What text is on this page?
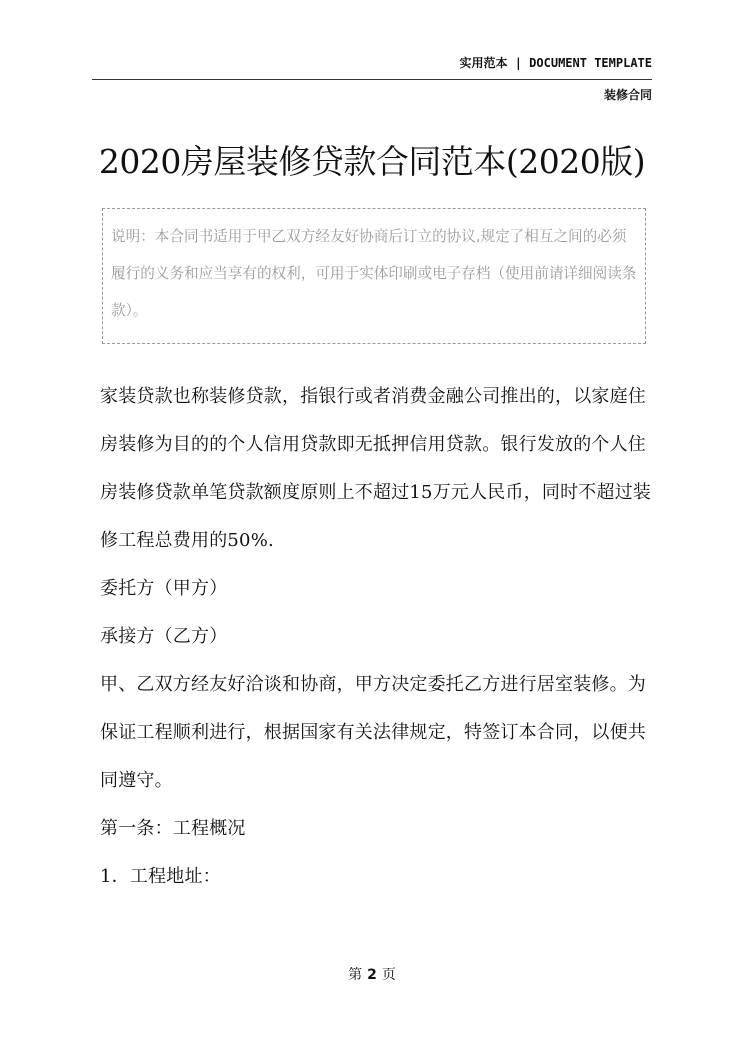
实用范本 | DOCUMENT TEMPLATE
装修合同
2020房屋装修贷款合同范本(2020版)
说明：本合同书适用于甲乙双方经友好协商后订立的协议,规定了相互之间的必须履行的义务和应当享有的权利，可用于实体印刷或电子存档（使用前请详细阅读条款）。

家装贷款也称装修贷款，指银行或者消费金融公司推出的，以家庭住房装修为目的的个人信用贷款即无抵押信用贷款。银行发放的个人住房装修贷款单笔贷款额度原则上不超过15万元人民币，同时不超过装修工程总费用的50%.

委托方（甲方）

承接方（乙方）

甲、乙双方经友好洽谈和协商，甲方决定委托乙方进行居室装修。为保证工程顺利进行，根据国家有关法律规定，特签订本合同，以便共同遵守。

第一条：工程概况

1．工程地址：

第 2 页
